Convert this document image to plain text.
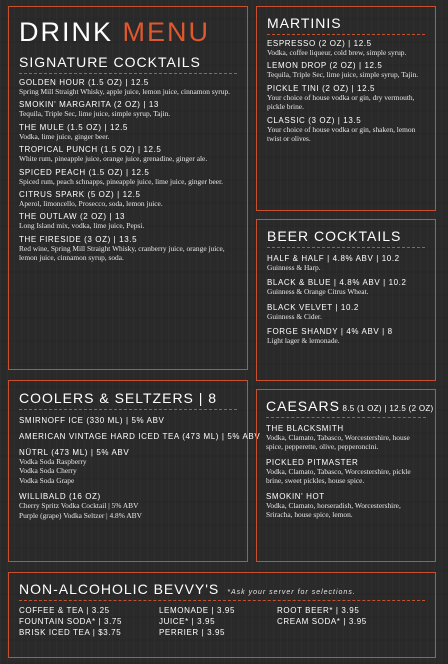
DRINK MENU
SIGNATURE COCKTAILS
GOLDEN HOUR (1.5 OZ) | 12.5
Spring Mill Straight Whisky, apple juice, lemon juice, cinnamon syrup.
SMOKIN' MARGARITA (2 OZ) | 13
Tequila, Triple Sec, lime juice, simple syrup, Tajin.
THE MULE (1.5 OZ) | 12.5
Vodka, lime juice, ginger beer.
TROPICAL PUNCH (1.5 OZ) | 12.5
White rum, pineapple juice, orange juice, grenadine, ginger ale.
SPICED PEACH (1.5 OZ) | 12.5
Spiced rum, peach schnapps, pineapple juice, lime juice, ginger beer.
CITRUS SPARK (5 OZ) | 12.5
Aperol, limoncello, Prosecco, soda, lemon juice.
THE OUTLAW (2 OZ) | 13
Long Island mix, vodka, lime juice, Pepsi.
THE FIRESIDE (3 OZ) | 13.5
Red wine, Spring Mill Straight Whisky, cranberry juice, orange juice, lemon juice, cinnamon syrup, soda.
MARTINIS
ESPRESSO (2 OZ) | 12.5
Vodka, coffee liqueur, cold brew, simple syrup.
LEMON DROP (2 OZ) | 12.5
Tequila, Triple Sec, lime juice, simple syrup, Tajin.
PICKLE TINI (2 OZ) | 12.5
Your choice of house vodka or gin, dry vermouth, pickle brine.
CLASSIC (3 OZ) | 13.5
Your choice of house vodka or gin, shaken, lemon twist or olives.
BEER COCKTAILS
HALF & HALF | 4.8% ABV | 10.2
Guinness & Harp.
BLACK & BLUE | 4.8% ABV | 10.2
Guinness & Orange Citrus Wheat.
BLACK VELVET | 10.2
Guinness & Cider.
FORGE SHANDY | 4% ABV | 8
Light lager & lemonade.
COOLERS & SELTZERS | 8
SMIRNOFF ICE (330 ML) | 5% ABV
AMERICAN VINTAGE HARD ICED TEA (473 ML) | 5% ABV
NÜTRL (473 ML) | 5% ABV
Vodka Soda Raspberry
Vodka Soda Cherry
Vodka Soda Grape
WILLIBALD (16 OZ)
Cherry Spritz Vodka Cocktail | 5% ABV
Purple (grape) Vodka Seltzer | 4.8% ABV
CAESARS 8.5 (1 OZ) | 12.5 (2 OZ)
THE BLACKSMITH
Vodka, Clamato, Tabasco, Worcestershire, house spice, pepperette, olive, pepperoncini.
PICKLED PITMASTER
Vodka, Clamato, Tabasco, Worcestershire, pickle brine, sweet pickles, house spice.
SMOKIN' HOT
Vodka, Clamato, horseradish, Worcestershire, Sriracha, house spice, lemon.
NON-ALCOHOLIC BEVVY'S *Ask your server for selections.
COFFEE & TEA | 3.25
FOUNTAIN SODA* | 3.75
BRISK ICED TEA | $3.75
LEMONADE | 3.95
JUICE* | 3.95
PERRIER | 3.95
ROOT BEER* | 3.95
CREAM SODA* | 3.95
